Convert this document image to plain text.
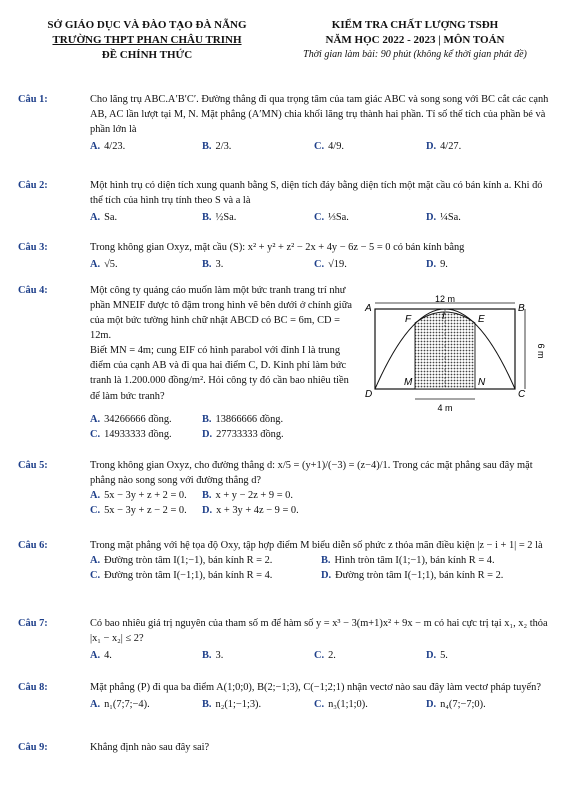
SỞ GIÁO DỤC VÀ ĐÀO TẠO ĐÀ NẴNG
TRƯỜNG THPT PHAN CHÂU TRINH
ĐỀ CHÍNH THỨC
KIỂM TRA CHẤT LƯỢNG TSĐH
NĂM HỌC 2022 - 2023 | MÔN TOÁN
Thời gian làm bài: 90 phút (không kể thời gian phát đề)
Câu 1:	Cho lăng trụ ABC.A′B′C′. Đường thẳng đi qua trọng tâm của tam giác ABC và song song với BC cắt các cạnh AB, AC lần lượt tại M, N. Mặt phẳng (A′MN) chia khối lăng trụ thành hai phần. Tỉ số thể tích của phần bé và phần lớn là
A. 4/23.	B. 2/3.	C. 4/9.	D. 4/27.
Câu 2:	Một hình trụ có diện tích xung quanh bằng S, diện tích đáy bằng diện tích một mặt cầu có bán kính a. Khi đó thể tích của hình trụ tính theo S và a là
A. Sa.	B. ½Sa.	C. ⅓Sa.	D. ¼Sa.
Câu 3:	Trong không gian Oxyz, mặt cầu (S): x² + y² + z² − 2x + 4y − 6z − 5 = 0 có bán kính bằng
A. √5.	B. 3.	C. √19.	D. 9.
Câu 4:	Một công ty quảng cáo muốn làm một bức tranh trang trí như phần MNEIF được tô đậm trong hình vẽ bên dưới ở chính giữa của một bức tường hình chữ nhật ABCD có BC = 6m, CD = 12m.
Biết MN = 4m; cung EIF có hình parabol với đỉnh I là trung điểm của cạnh AB và đi qua hai điểm C, D. Kinh phí làm bức tranh là 1.200.000 đồng/m². Hỏi công ty đó cần bao nhiêu tiền để làm bức tranh?
A. 34266666 đồng.	B. 13866666 đồng.
C. 14933333 đồng.	D. 27733333 đồng.
12 m
6 m
4 m
A	B
C
D
E
F	I
M	N
Câu 5:	Trong không gian Oxyz, cho đường thẳng d: x/5 = (y+1)/(−3) = (z−4)/1. Trong các mặt phẳng sau đây mặt phẳng nào song song với đường thẳng d?
A. 5x − 3y + z + 2 = 0.	B. x + y − 2z + 9 = 0.
C. 5x − 3y + z − 2 = 0.	D. x + 3y + 4z − 9 = 0.
Câu 6:	Trong mặt phẳng với hệ tọa độ Oxy, tập hợp điểm M biểu diễn số phức z thỏa mãn điều kiện |z − i + 1| = 2 là
A. Đường tròn tâm I(1;−1), bán kính R = 2.	B. Hình tròn tâm I(1;−1), bán kính R = 4.
C. Đường tròn tâm I(−1;1), bán kính R = 4.	D. Đường tròn tâm I(−1;1), bán kính R = 2.
Câu 7:	Có bao nhiêu giá trị nguyên của tham số m để hàm số y = x³ − 3(m+1)x² + 9x − m có hai cực trị tại x₁, x₂ thỏa |x₁ − x₂| ≤ 2?
A. 4.	B. 3.	C. 2.	D. 5.
Câu 8:	Mặt phẳng (P) đi qua ba điểm A(1;0;0), B(2;−1;3), C(−1;2;1) nhận vectơ nào sau đây làm vectơ pháp tuyến?
A. n₁(7;7;−4).	B. n₂(1;−1;3).	C. n₃(1;1;0).	D. n₄(7;−7;0).
Câu 9:	Khẳng định nào sau đây sai?
